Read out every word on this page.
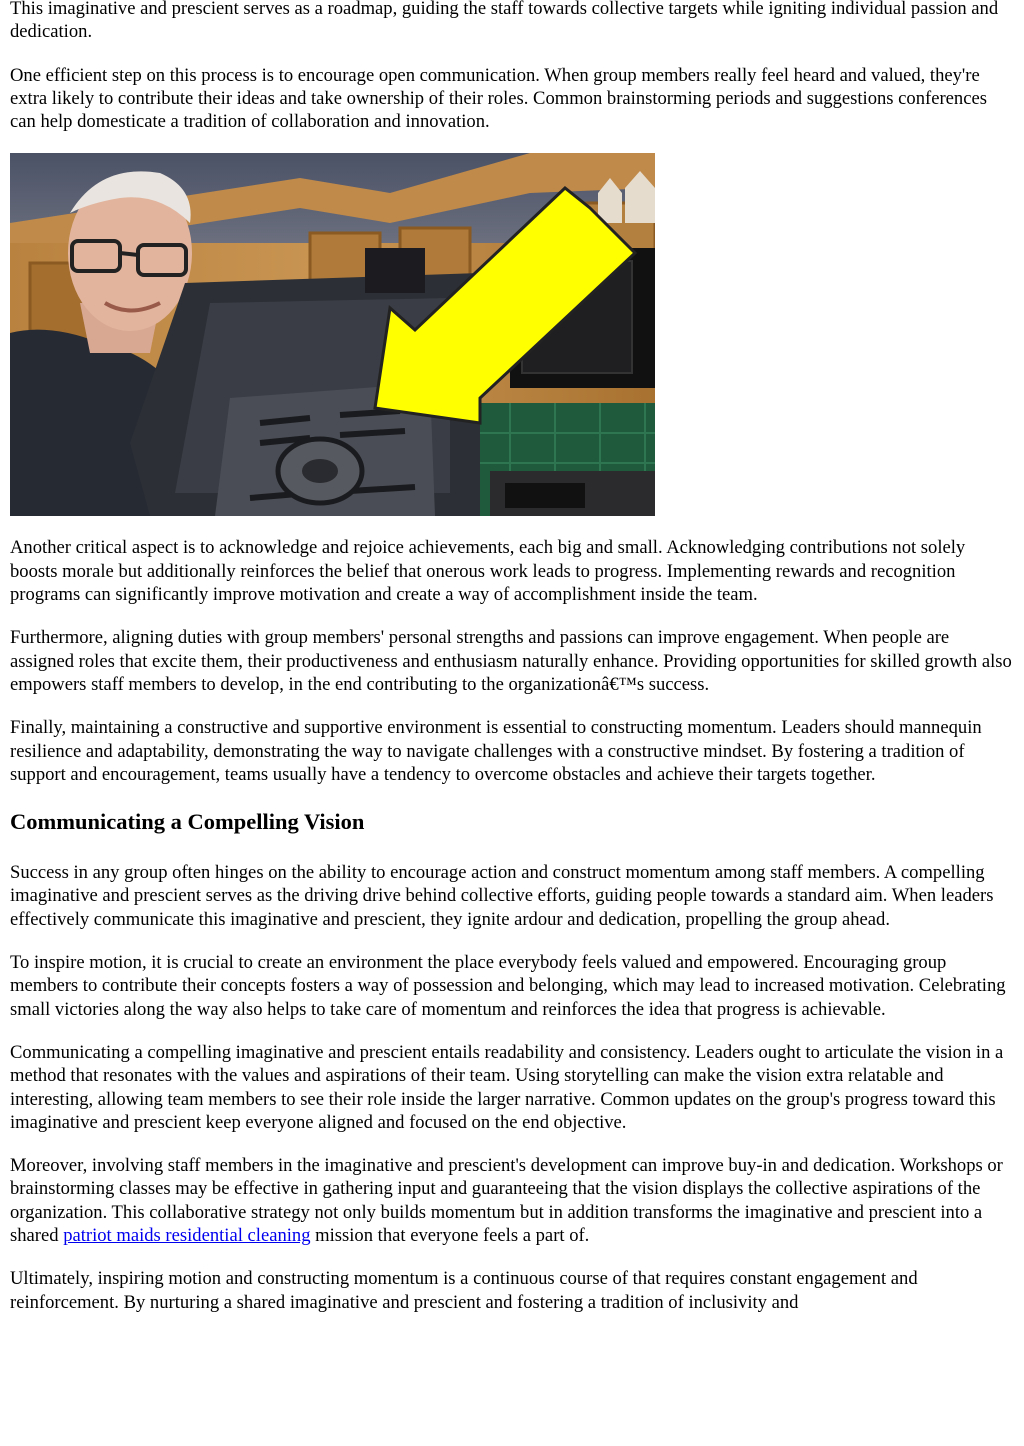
This imaginative and prescient serves as a roadmap, guiding the staff towards collective targets while igniting individual passion and dedication.

One efficient step on this process is to encourage open communication. When group members really feel heard and valued, they're extra likely to contribute their ideas and take ownership of their roles. Common brainstorming periods and suggestions conferences can help domesticate a tradition of collaboration and innovation.

Another critical aspect is to acknowledge and rejoice achievements, each big and small. Acknowledging contributions not solely boosts morale but additionally reinforces the belief that onerous work leads to progress. Implementing rewards and recognition programs can significantly improve motivation and create a way of accomplishment inside the team.

Furthermore, aligning duties with group members' personal strengths and passions can improve engagement. When people are assigned roles that excite them, their productiveness and enthusiasm naturally enhance. Providing opportunities for skilled growth also empowers staff members to develop, in the end contributing to the organizationâ€™s success.

Finally, maintaining a constructive and supportive environment is essential to constructing momentum. Leaders should mannequin resilience and adaptability, demonstrating the way to navigate challenges with a constructive mindset. By fostering a tradition of support and encouragement, teams usually have a tendency to overcome obstacles and achieve their targets together.

Communicating a Compelling Vision

Success in any group often hinges on the ability to encourage action and construct momentum among staff members. A compelling imaginative and prescient serves as the driving drive behind collective efforts, guiding people towards a standard aim. When leaders effectively communicate this imaginative and prescient, they ignite ardour and dedication, propelling the group ahead.

To inspire motion, it is crucial to create an environment the place everybody feels valued and empowered. Encouraging group members to contribute their concepts fosters a way of possession and belonging, which may lead to increased motivation. Celebrating small victories along the way also helps to take care of momentum and reinforces the idea that progress is achievable.

Communicating a compelling imaginative and prescient entails readability and consistency. Leaders ought to articulate the vision in a method that resonates with the values and aspirations of their team. Using storytelling can make the vision extra relatable and interesting, allowing team members to see their role inside the larger narrative. Common updates on the group's progress toward this imaginative and prescient keep everyone aligned and focused on the end objective.

Moreover, involving staff members in the imaginative and prescient's development can improve buy-in and dedication. Workshops or brainstorming classes may be effective in gathering input and guaranteeing that the vision displays the collective aspirations of the organization. This collaborative strategy not only builds momentum but in addition transforms the imaginative and prescient into a shared patriot maids residential cleaning mission that everyone feels a part of.

Ultimately, inspiring motion and constructing momentum is a continuous course of that requires constant engagement and reinforcement. By nurturing a shared imaginative and prescient and fostering a tradition of inclusivity and
